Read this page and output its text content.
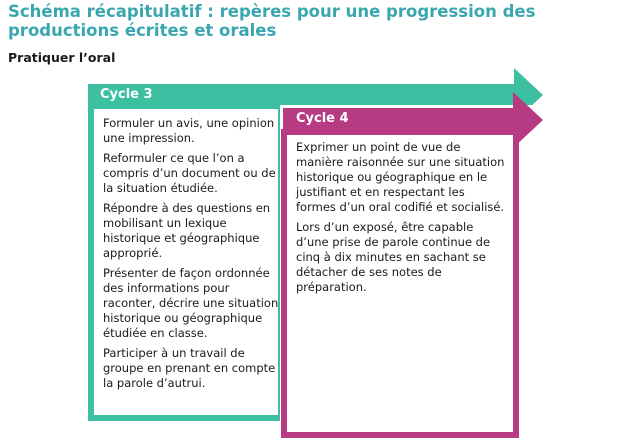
Schéma récapitulatif : repères pour une progression des productions écrites et orales
Pratiquer l’oral
Cycle 3
Cycle 4

Formuler un avis, une opinion une impression.

Reformuler ce que l’on a compris d’un document ou de la situation étudiée.

Répondre à des questions en mobilisant un lexique historique et géographique approprié.

Présenter de façon ordonnée des informations pour raconter, décrire une situation historique ou géographique étudiée en classe.

Participer à un travail de groupe en prenant en compte la parole d’autrui.

Exprimer un point de vue de manière raisonnée sur une situation historique ou géographique en le justifiant et en respectant les formes d’un oral codifié et socialisé.

Lors d’un exposé, être capable d’une prise de parole continue de cinq à dix minutes en sachant se détacher de ses notes de préparation.
